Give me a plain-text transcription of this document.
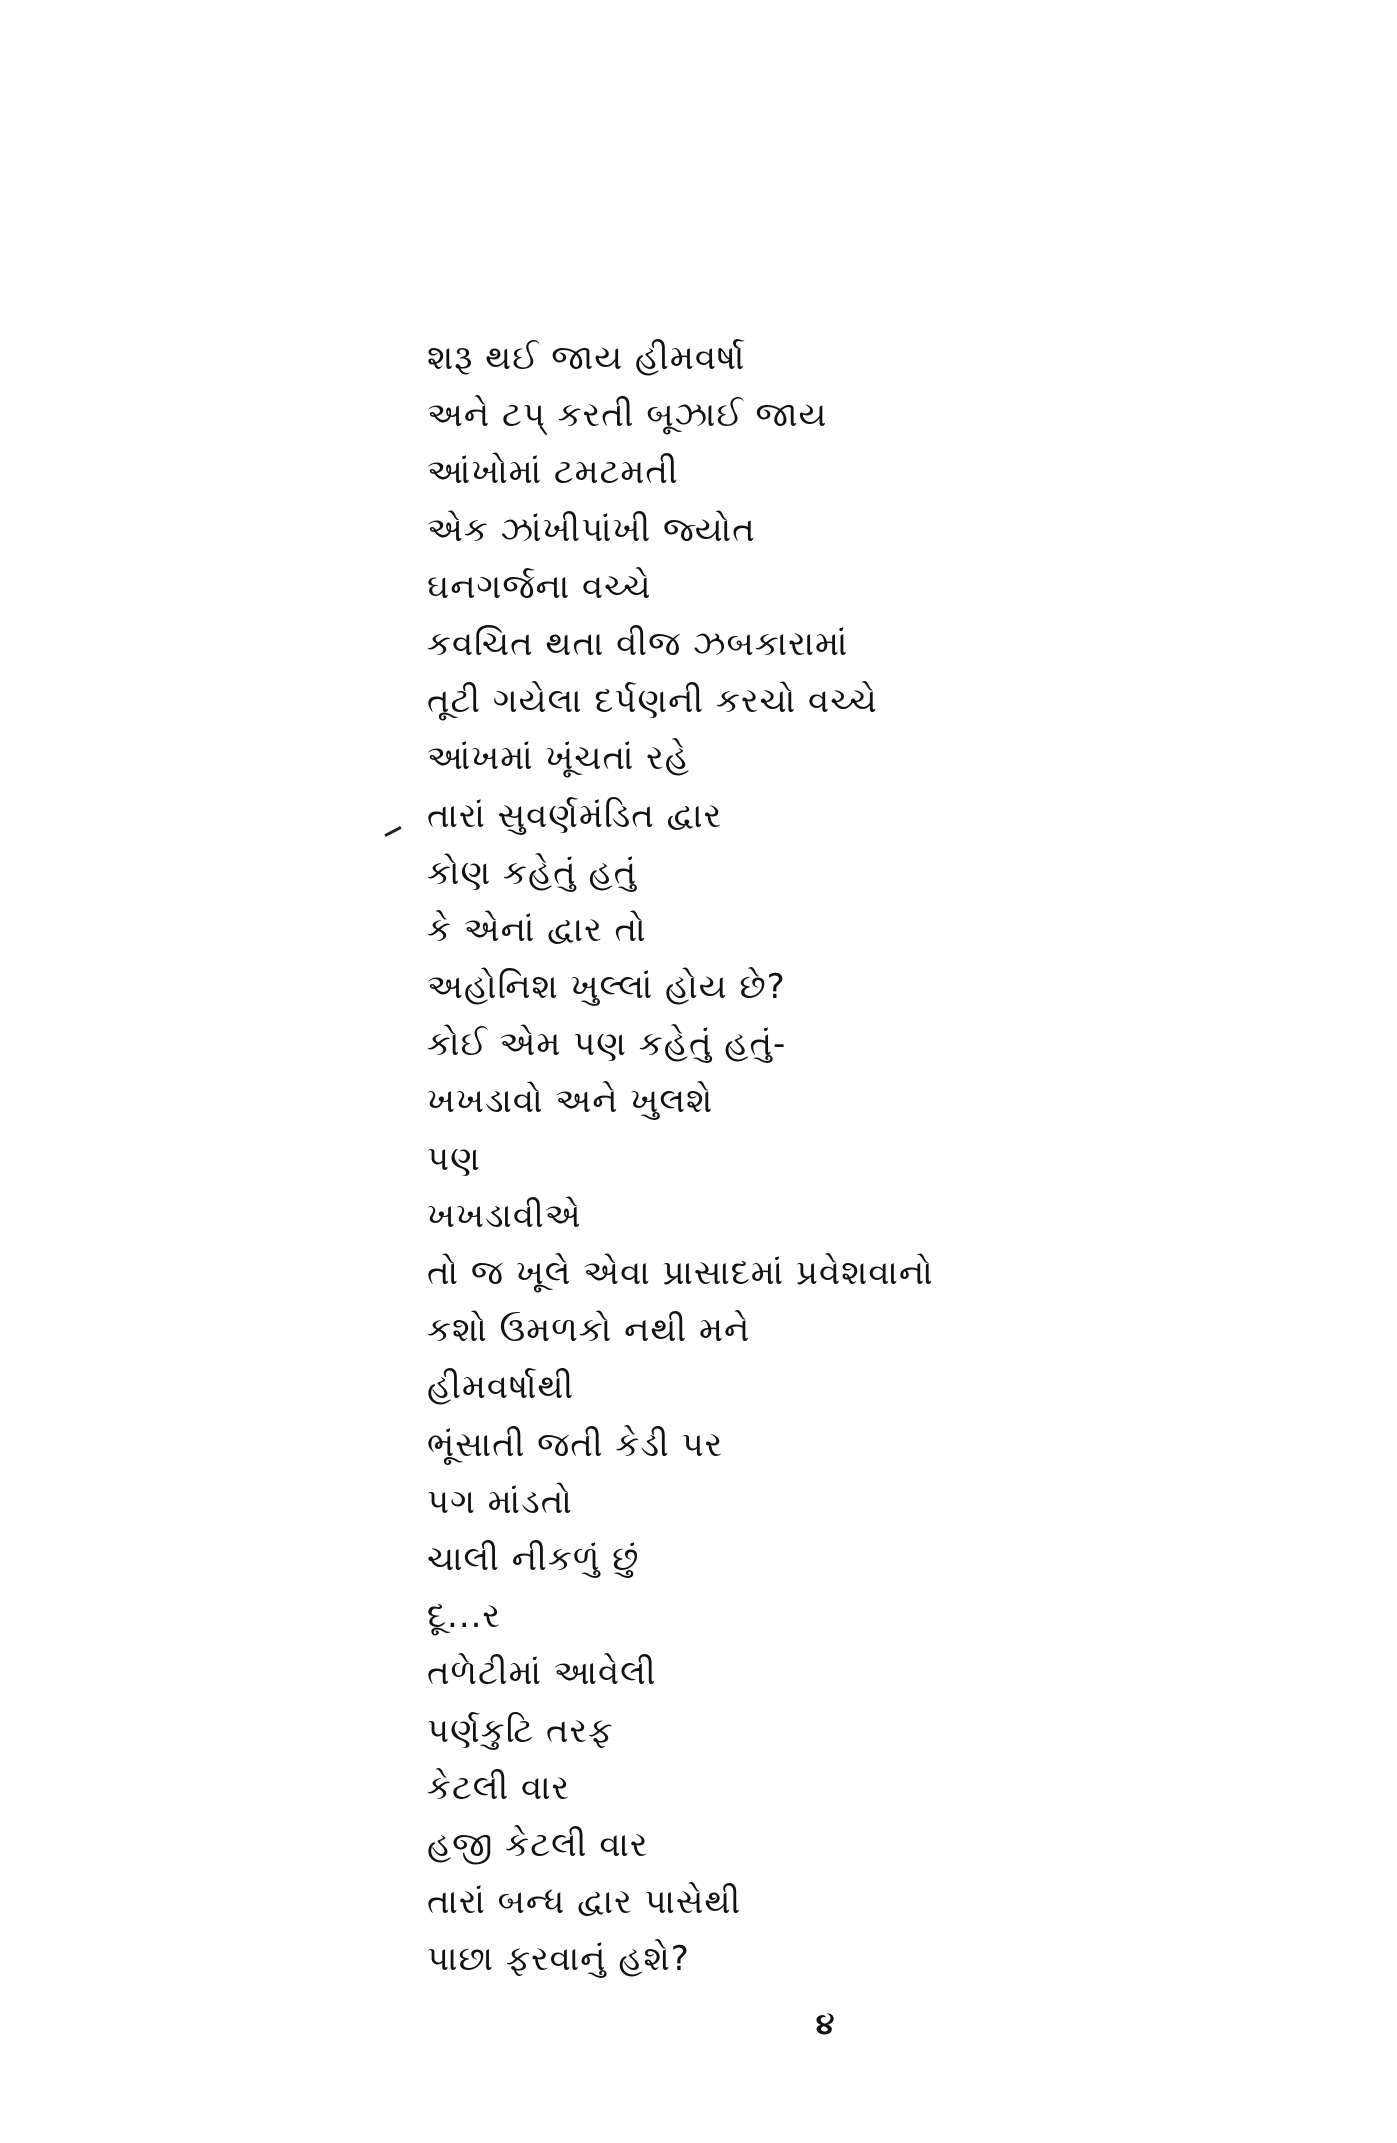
શરૂ થઈ જાય હીમવર્ષા
અને ટપ્ કરતી બૂઝાઈ જાય
આંખોમાં ટમટમતી
એક ઝાંખીપાંખી જ્યોત
ઘનગર્જના વચ્ચે
કવચિત થતા વીજ ઝબકારામાં
તૂટી ગયેલા દર્પણની કરચો વચ્ચે
આંખમાં ખૂંચતાં રહે
તારાં સુવર્ણમંડિત દ્વાર
કોણ કહેતું હતું
કે એનાં દ્વાર તો
અહોનિશ ખુલ્લાં હોય છે?
કોઈ એમ પણ કહેતું હતું-
ખખડાવો અને ખુલશે
પણ
ખખડાવીએ
તો જ ખૂલે એવા પ્રાસાદમાં પ્રવેશવાનો
કશો ઉમળકો નથી મને
હીમવર્ષાથી
ભૂંસાતી જતી કેડી પર
પગ માંડતો
ચાલી નીકળું છું
દૂ...ર
તળેટીમાં આવેલી
પર્ણકુટિ તરફ
કેટલી વાર
હજી કેટલી વાર
તારાં બન્ધ દ્વાર પાસેથી
પાછા ફરવાનું હશે?
૪
